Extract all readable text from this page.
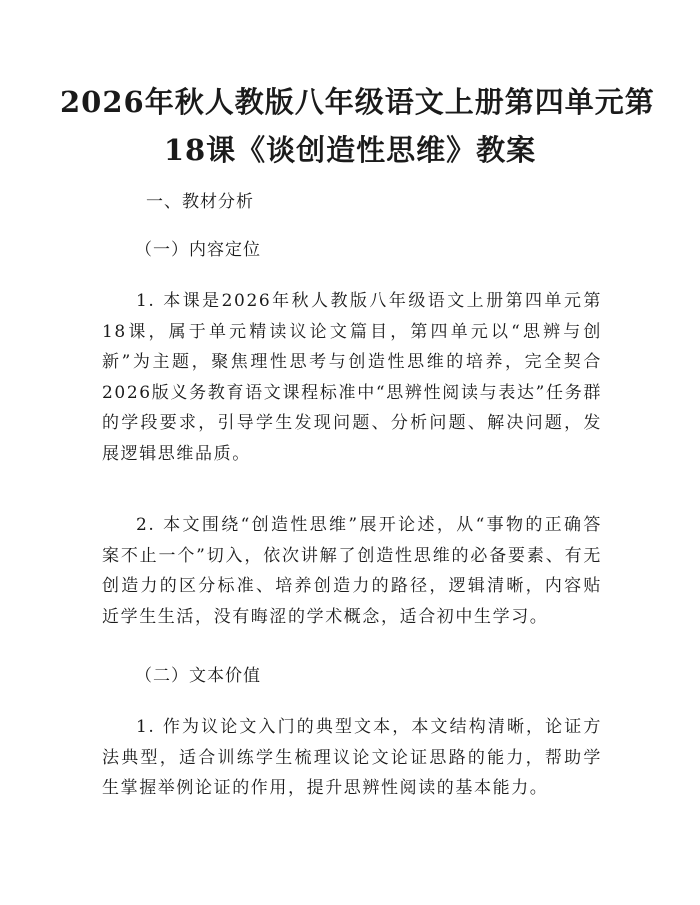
2026年秋人教版八年级语文上册第四单元第
18课《谈创造性思维》教案
一、教材分析
（一）内容定位

1. 本课是2026年秋人教版八年级语文上册第四单元第18课，属于单元精读议论文篇目，第四单元以“思辨与创新”为主题，聚焦理性思考与创造性思维的培养，完全契合2026版义务教育语文课程标准中“思辨性阅读与表达”任务群的学段要求，引导学生发现问题、分析问题、解决问题，发展逻辑思维品质。

2. 本文围绕“创造性思维”展开论述，从“事物的正确答案不止一个”切入，依次讲解了创造性思维的必备要素、有无创造力的区分标准、培养创造力的路径，逻辑清晰，内容贴近学生生活，没有晦涩的学术概念，适合初中生学习。

（二）文本价值

1. 作为议论文入门的典型文本，本文结构清晰，论证方法典型，适合训练学生梳理议论文论证思路的能力，帮助学生掌握举例论证的作用，提升思辨性阅读的基本能力。
